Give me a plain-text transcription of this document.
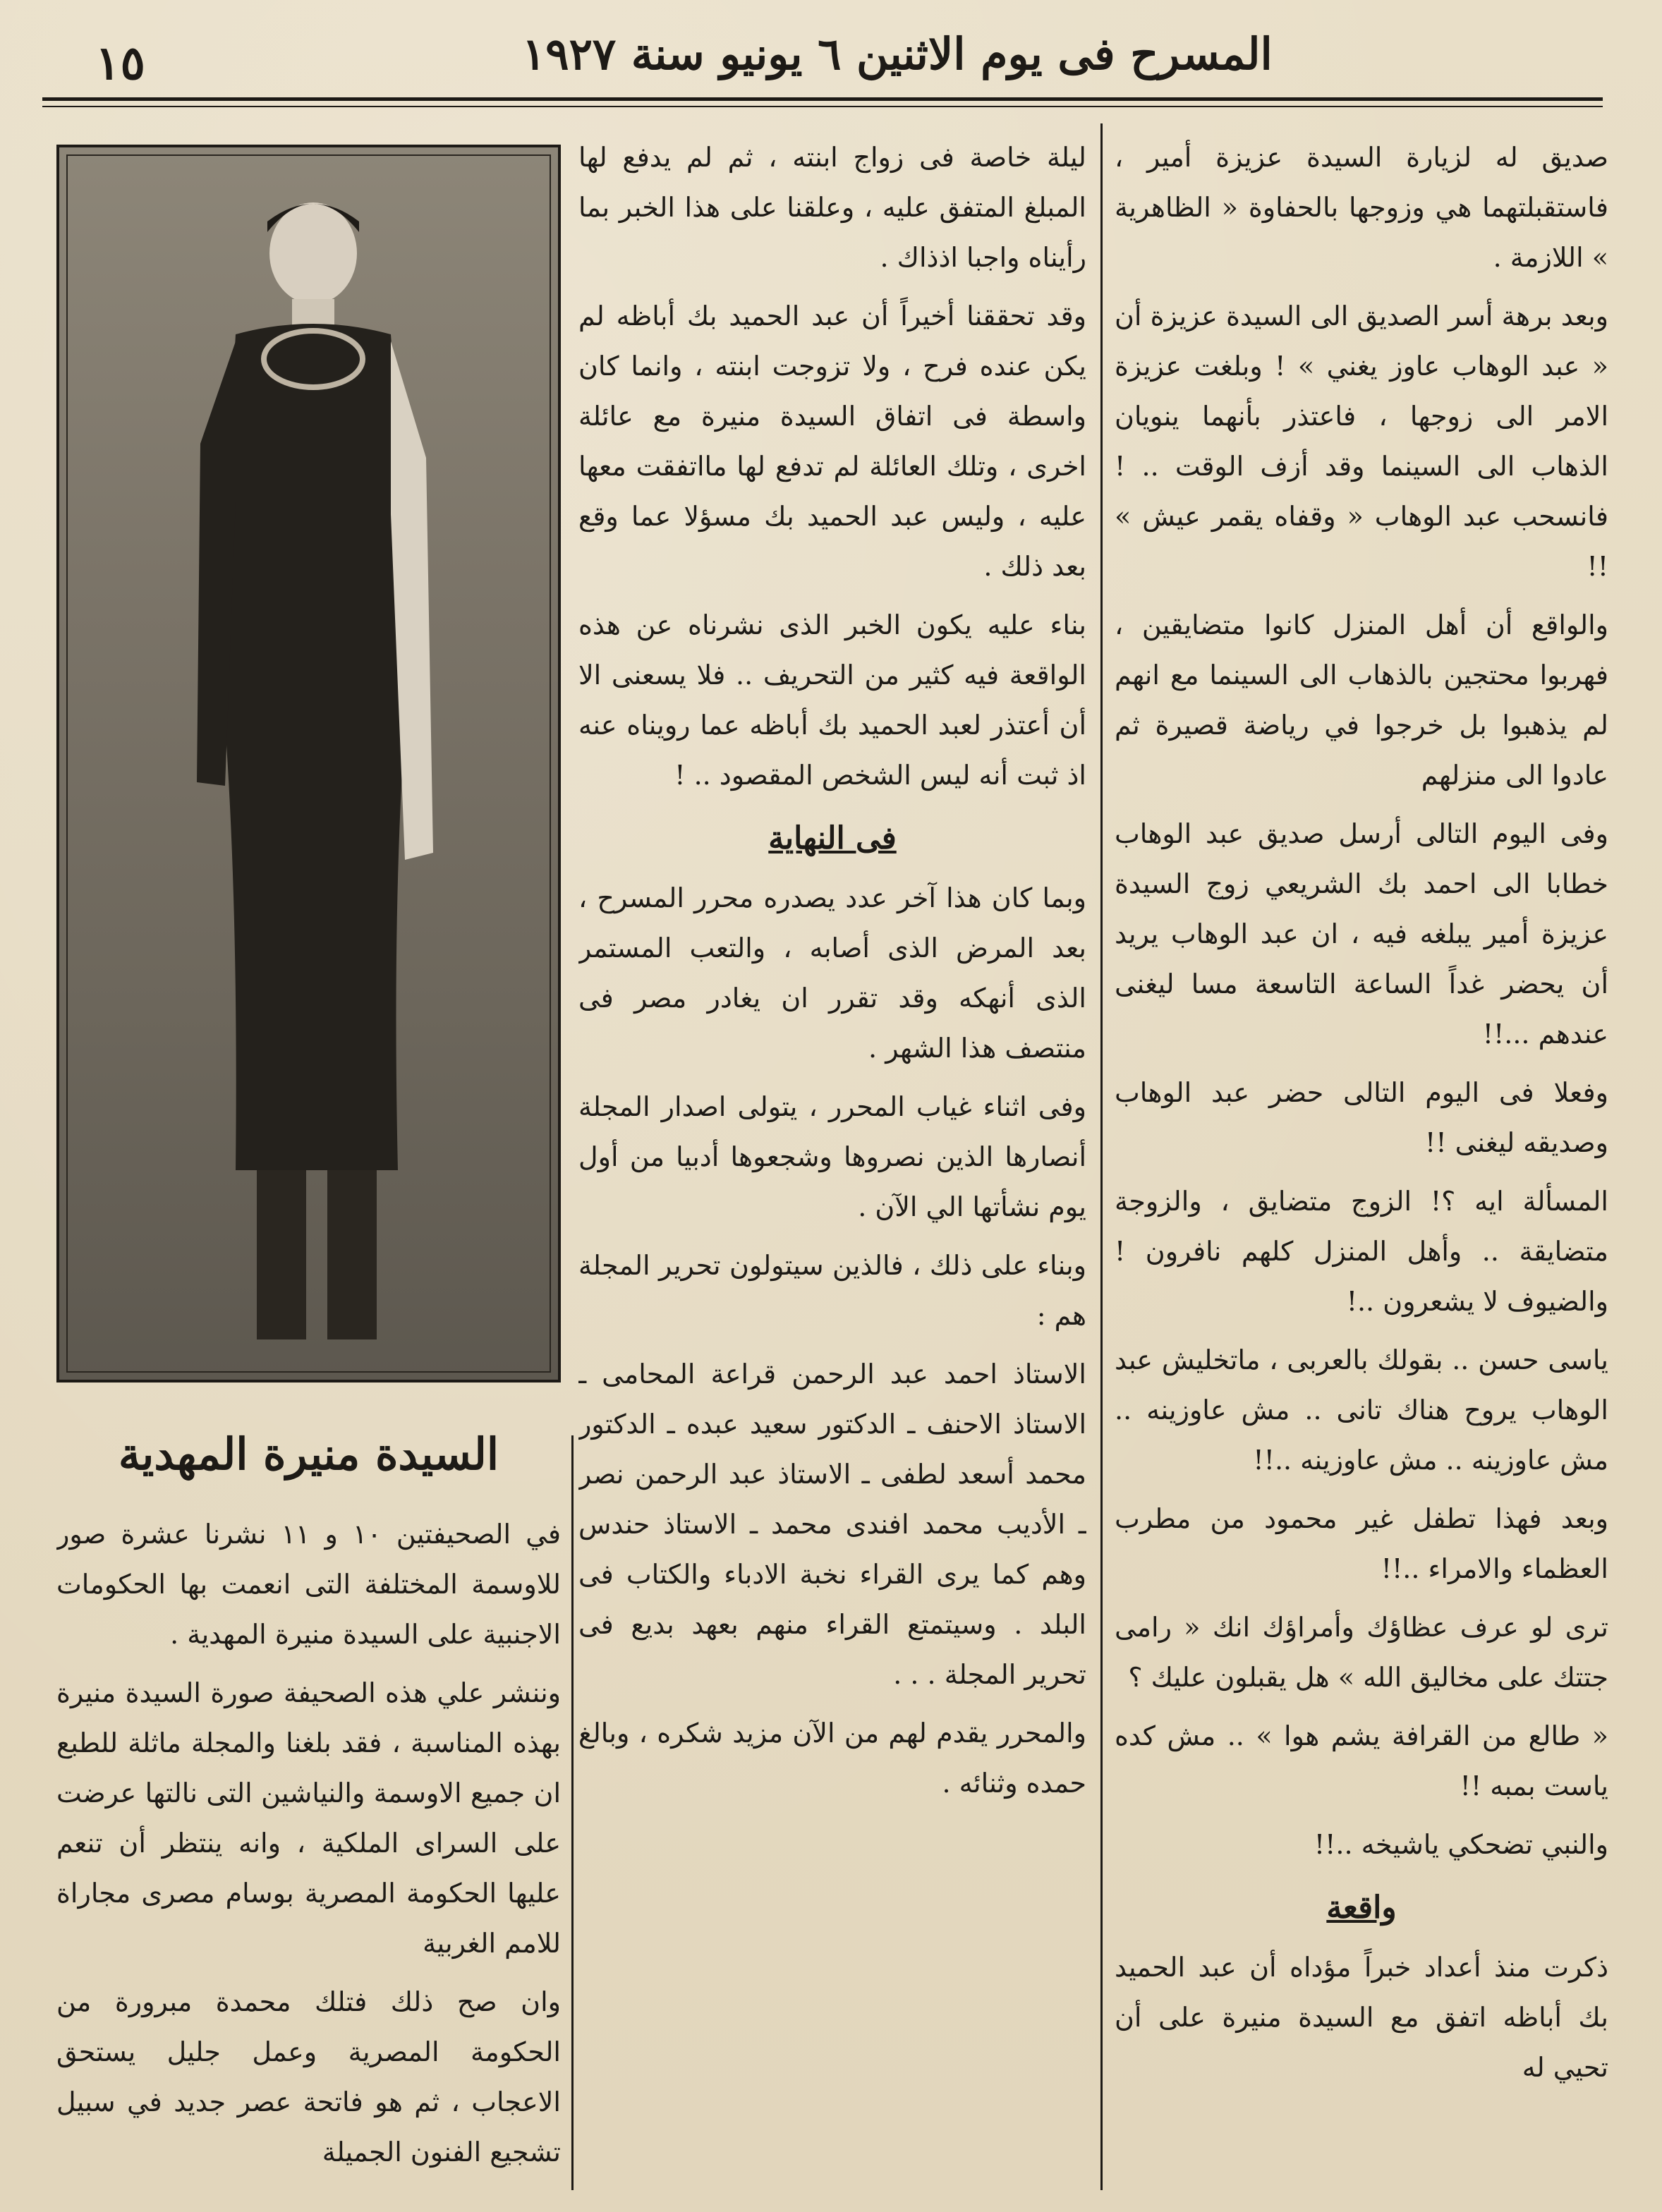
١٥	المسرح فى يوم الاثنين ٦ يونيو سنة ١٩٢٧

صديق له لزيارة السيدة عزيزة أمير ، فاستقبلتهما هي وزوجها بالحفاوة « الظاهرية » اللازمة .

وبعد برهة أسر الصديق الى السيدة عزيزة أن « عبد الوهاب عاوز يغني » ! وبلغت عزيزة الامر الى زوجها ، فاعتذر بأنهما ينويان الذهاب الى السينما وقد أزف الوقت .. ! فانسحب عبد الوهاب « وقفاه يقمر عيش » !!

والواقع أن أهل المنزل كانوا متضايقين ، فهربوا محتجين بالذهاب الى السينما مع انهم لم يذهبوا بل خرجوا في رياضة قصيرة ثم عادوا الى منزلهم

وفى اليوم التالى أرسل صديق عبد الوهاب خطابا الى احمد بك الشريعي زوج السيدة عزيزة أمير يبلغه فيه ، ان عبد الوهاب يريد أن يحضر غداً الساعة التاسعة مسا ليغنى عندهم ...!!

وفعلا فى اليوم التالى حضر عبد الوهاب وصديقه ليغنى !!

المسألة ايه ؟! الزوج متضايق ، والزوجة متضايقة .. وأهل المنزل كلهم نافرون ! والضيوف لا يشعرون ..!

ياسى حسن .. بقولك بالعربى ، ماتخليش عبد الوهاب يروح هناك تانى .. مش عاوزينه .. مش عاوزينه .. مش عاوزينه ..!!

وبعد فهذا تطفل غير محمود من مطرب العظماء والامراء ..!!

ترى لو عرف عظاؤك وأمراؤك انك « رامى جتتك على مخاليق الله » هل يقبلون عليك ؟

« طالع من القرافة يشم هوا » .. مش كده ياست بمبه !!

والنبي تضحكي ياشيخه ..!!

واقعة

ذكرت منذ أعداد خبراً مؤداه أن عبد الحميد بك أباظه اتفق مع السيدة منيرة على أن تحيي له

ليلة خاصة فى زواج ابنته ، ثم لم يدفع لها المبلغ المتفق عليه ، وعلقنا على هذا الخبر بما رأيناه واجبا اذذاك .

وقد تحققنا أخيراً أن عبد الحميد بك أباظه لم يكن عنده فرح ، ولا تزوجت ابنته ، وانما كان واسطة فى اتفاق السيدة منيرة مع عائلة اخرى ، وتلك العائلة لم تدفع لها مااتفقت معها عليه ، وليس عبد الحميد بك مسؤلا عما وقع بعد ذلك .

بناء عليه يكون الخبر الذى نشرناه عن هذه الواقعة فيه كثير من التحريف .. فلا يسعنى الا أن أعتذر لعبد الحميد بك أباظه عما رويناه عنه اذ ثبت أنه ليس الشخص المقصود .. !

فى النهاية

وبما كان هذا آخر عدد يصدره محرر المسرح ، بعد المرض الذى أصابه ، والتعب المستمر الذى أنهكه وقد تقرر ان يغادر مصر فى منتصف هذا الشهر .

وفى اثناء غياب المحرر ، يتولى اصدار المجلة أنصارها الذين نصروها وشجعوها أدبيا من أول يوم نشأتها الي الآن .

وبناء على ذلك ، فالذين سيتولون تحرير المجلة هم :

الاستاذ احمد عبد الرحمن قراعة المحامى ـ الاستاذ الاحنف ـ الدكتور سعيد عبده ـ الدكتور محمد أسعد لطفى ـ الاستاذ عبد الرحمن نصر ـ الأديب محمد افندى محمد ـ الاستاذ حندس وهم كما يرى القراء نخبة الادباء والكتاب فى البلد . وسيتمتع القراء منهم بعهد بديع فى تحرير المجلة . . .

والمحرر يقدم لهم من الآن مزيد شكره ، وبالغ حمده وثنائه .

السيدة منيرة المهدية

في الصحيفتين ١٠ و ١١ نشرنا عشرة صور للاوسمة المختلفة التى انعمت بها الحكومات الاجنبية على السيدة منيرة المهدية .

وننشر علي هذه الصحيفة صورة السيدة منيرة بهذه المناسبة ، فقد بلغنا والمجلة ماثلة للطبع ان جميع الاوسمة والنياشين التى نالتها عرضت على السراى الملكية ، وانه ينتظر أن تنعم عليها الحكومة المصرية بوسام مصرى مجاراة للامم الغربية

وان صح ذلك فتلك محمدة مبرورة من الحكومة المصرية وعمل جليل يستحق الاعجاب ، ثم هو فاتحة عصر جديد في سبيل تشجيع الفنون الجميلة
